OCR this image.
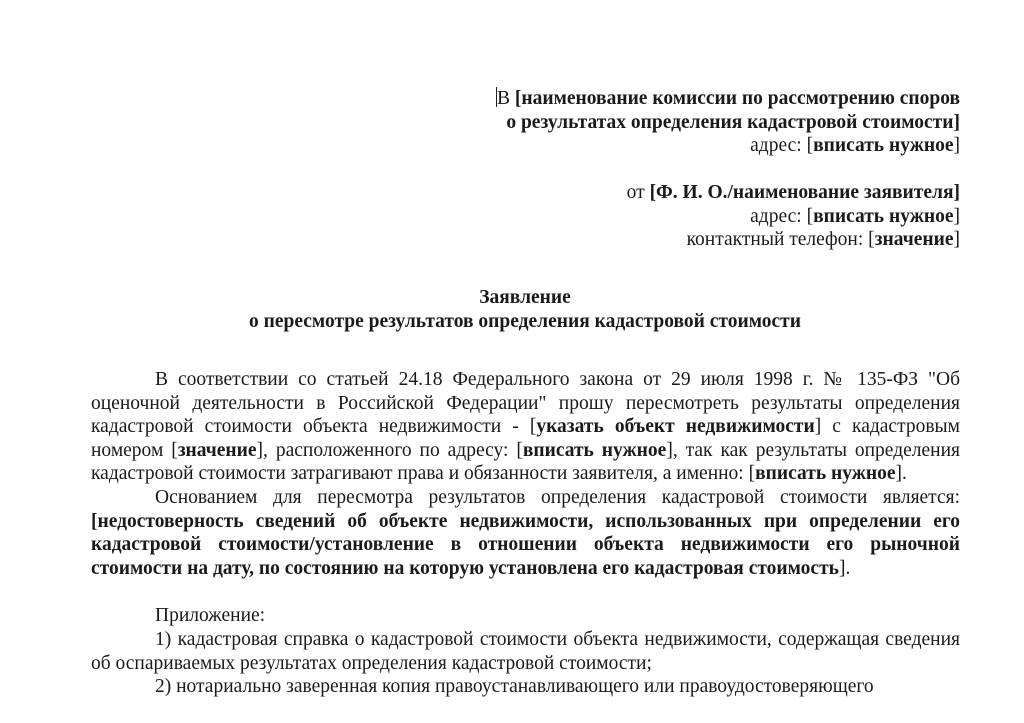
В [наименование комиссии по рассмотрению споров
о результатах определения кадастровой стоимости]
адрес: [вписать нужное]
от [Ф. И. О./наименование заявителя]
адрес: [вписать нужное]
контактный телефон: [значение]
Заявление
о пересмотре результатов определения кадастровой стоимости

В соответствии со статьей 24.18 Федерального закона от 29 июля 1998 г. № 135-ФЗ "Об оценочной деятельности в Российской Федерации" прошу пересмотреть результаты определения кадастровой стоимости объекта недвижимости - [указать объект недвижимости] с кадастровым номером [значение], расположенного по адресу: [вписать нужное], так как результаты определения кадастровой стоимости затрагивают права и обязанности заявителя, а именно: [вписать нужное].

Основанием для пересмотра результатов определения кадастровой стоимости является: [недостоверность сведений об объекте недвижимости, использованных при определении его кадастровой стоимости/установление в отношении объекта недвижимости его рыночной стоимости на дату, по состоянию на которую установлена его кадастровая стоимость].

Приложение:

1) кадастровая справка о кадастровой стоимости объекта недвижимости, содержащая сведения об оспариваемых результатах определения кадастровой стоимости;

2) нотариально заверенная копия правоустанавливающего или правоудостоверяющего
